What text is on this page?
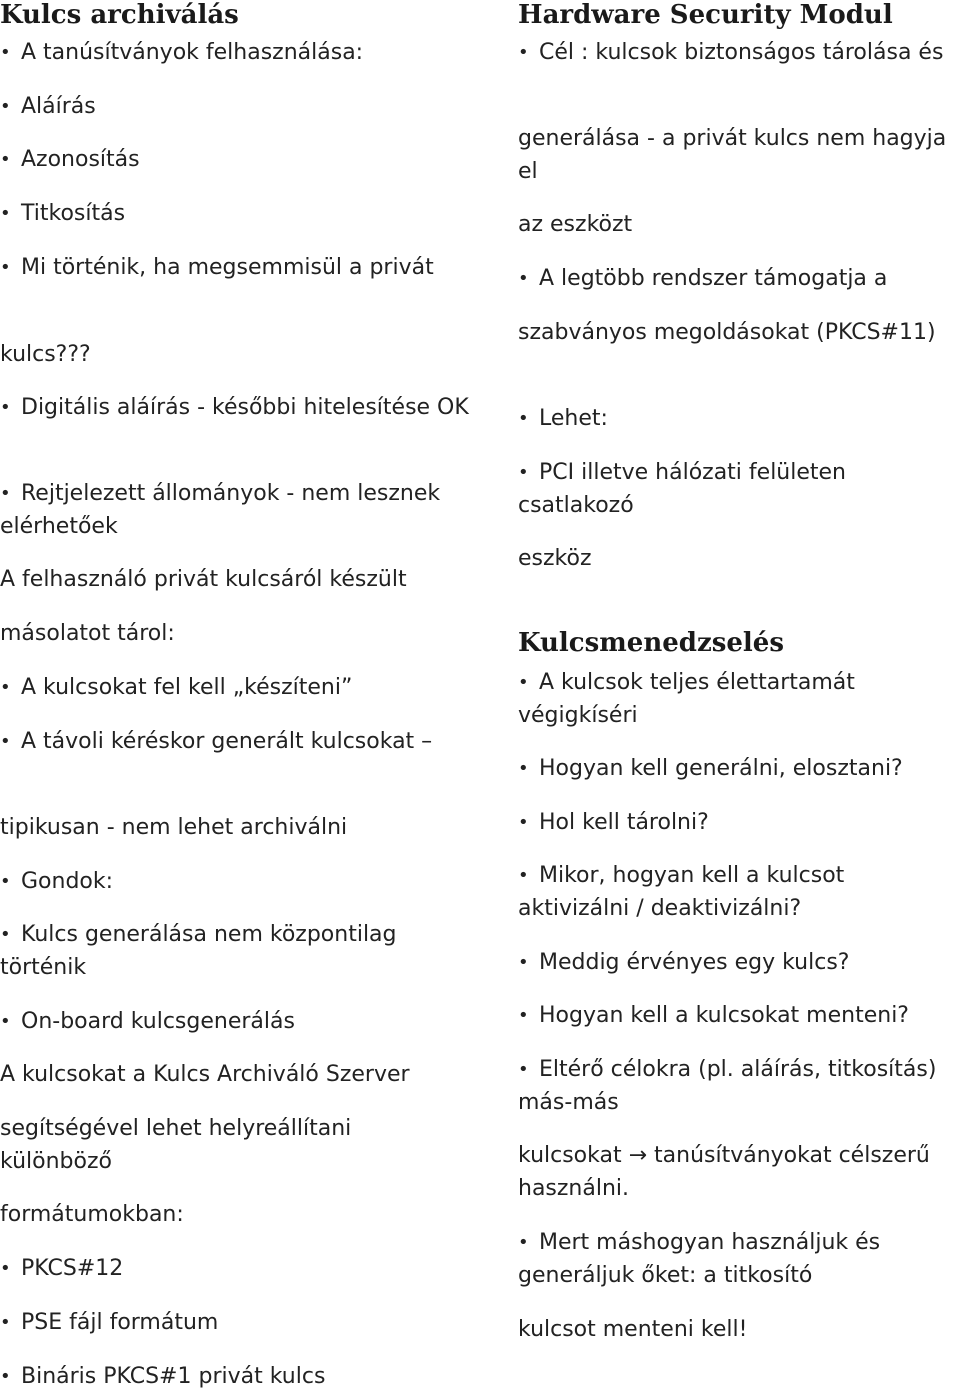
Kulcs archiválás

• A tanúsítványok felhasználása:

• Aláírás

• Azonosítás

• Titkosítás

• Mi történik, ha megsemmisül a privát

kulcs???

• Digitális aláírás - későbbi hitelesítése OK

• Rejtjelezett állományok - nem lesznek elérhetőek

A felhasználó privát kulcsáról készült

másolatot tárol:

• A kulcsokat fel kell „készíteni”

• A távoli kéréskor generált kulcsokat –

tipikusan - nem lehet archiválni

• Gondok:

• Kulcs generálása nem központilag történik

• On-board kulcsgenerálás

A kulcsokat a Kulcs Archiváló Szerver

segítségével lehet helyreállítani különböző

formátumokban:

• PKCS#12

• PSE fájl formátum

• Bináris PKCS#1 privát kulcs

Hardware Security Modul

• Cél : kulcsok biztonságos tárolása és

generálása - a privát kulcs nem hagyja el

az eszközt

• A legtöbb rendszer támogatja a

szabványos megoldásokat (PKCS#11)

• Lehet:

• PCI illetve hálózati felületen csatlakozó

eszköz

Kulcsmenedzselés

• A kulcsok teljes élettartamát végigkíséri

• Hogyan kell generálni, elosztani?

• Hol kell tárolni?

• Mikor, hogyan kell a kulcsot aktivizálni / deaktivizálni?

• Meddig érvényes egy kulcs?

• Hogyan kell a kulcsokat menteni?

• Eltérő célokra (pl. aláírás, titkosítás) más-más

kulcsokat → tanúsítványokat célszerű használni.

• Mert máshogyan használjuk és generáljuk őket: a titkosító

kulcsot menteni kell!
